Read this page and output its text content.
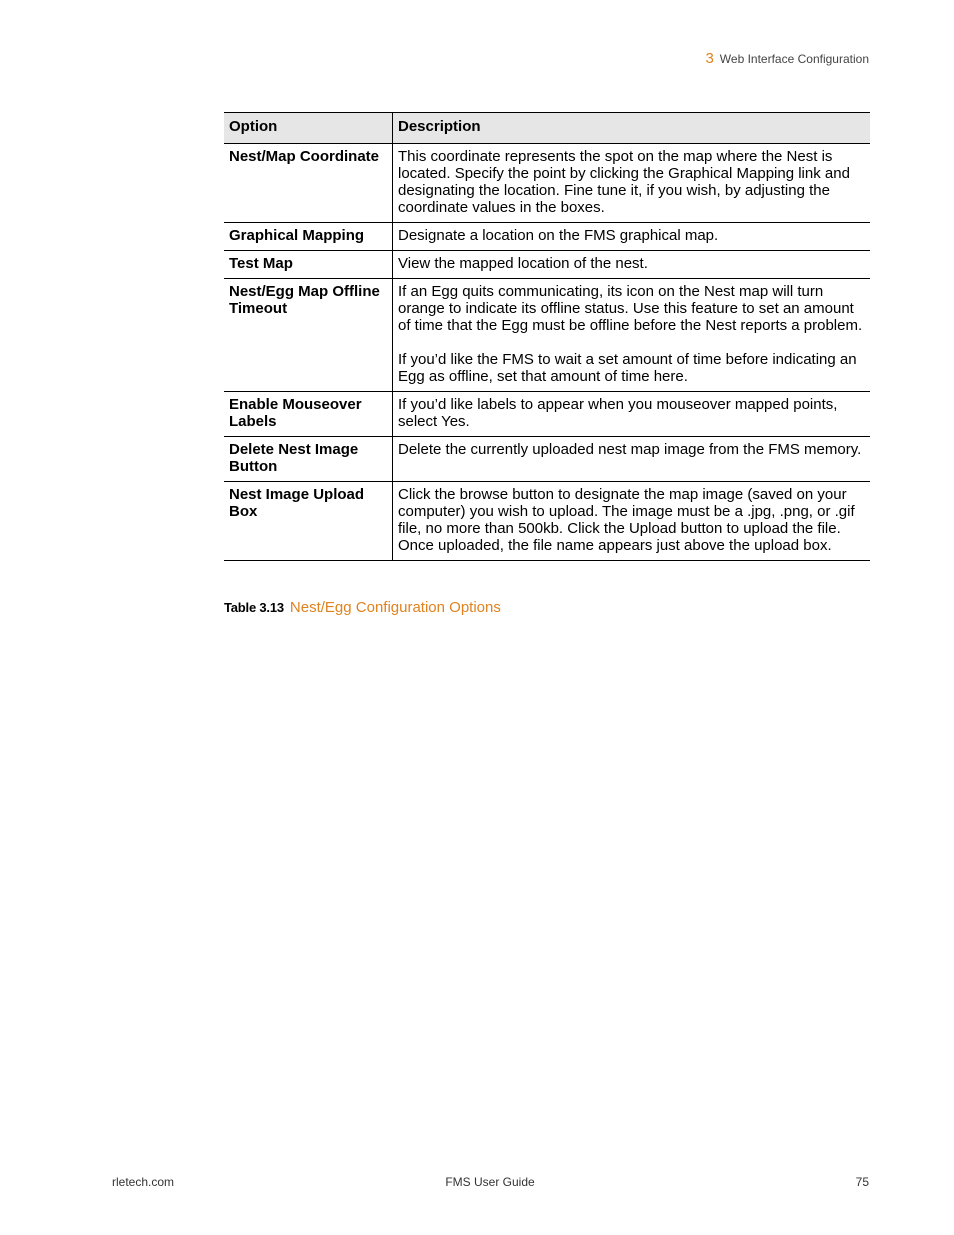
3 Web Interface Configuration
Option	Description
Nest/Map Coordinate	This coordinate represents the spot on the map where the Nest is located. Specify the point by clicking the Graphical Mapping link and designating the location. Fine tune it, if you wish, by adjusting the coordinate values in the boxes.

Graphical Mapping	Designate a location on the FMS graphical map.

Test Map	View the mapped location of the nest.

Nest/Egg Map Offline Timeout	If an Egg quits communicating, its icon on the Nest map will turn orange to indicate its offline status. Use this feature to set an amount of time that the Egg must be offline before the Nest reports a problem.

If you’d like the FMS to wait a set amount of time before indicating an Egg as offline, set that amount of time here.

Enable Mouseover Labels	If you’d like labels to appear when you mouseover mapped points, select Yes.

Delete Nest Image Button	Delete the currently uploaded nest map image from the FMS memory.

Nest Image Upload Box	Click the browse button to designate the map image (saved on your computer) you wish to upload. The image must be a .jpg, .png, or .gif file, no more than 500kb. Click the Upload button to upload the file. Once uploaded, the file name appears just above the upload box.

Table 3.13 Nest/Egg Configuration Options
rletech.com	FMS User Guide	75
